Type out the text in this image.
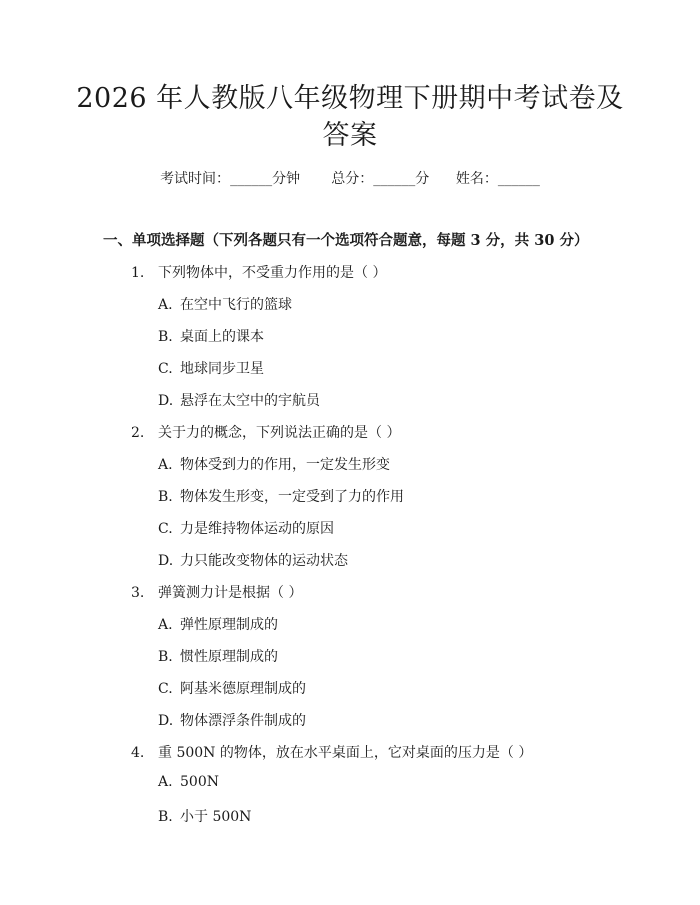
2026 年人教版八年级物理下册期中考试卷及
答案
考试时间：______分钟 总分：______分 姓名：______
一、单项选择题（下列各题只有一个选项符合题意，每题 3 分，共 30 分）
1. 下列物体中，不受重力作用的是（ ）
A. 在空中飞行的篮球
B. 桌面上的课本
C. 地球同步卫星
D. 悬浮在太空中的宇航员
2. 关于力的概念，下列说法正确的是（ ）
A. 物体受到力的作用，一定发生形变
B. 物体发生形变，一定受到了力的作用
C. 力是维持物体运动的原因
D. 力只能改变物体的运动状态
3. 弹簧测力计是根据（ ）
A. 弹性原理制成的
B. 惯性原理制成的
C. 阿基米德原理制成的
D. 物体漂浮条件制成的
4. 重 500N 的物体，放在水平桌面上，它对桌面的压力是（ ）
A. 500N
B. 小于 500N
